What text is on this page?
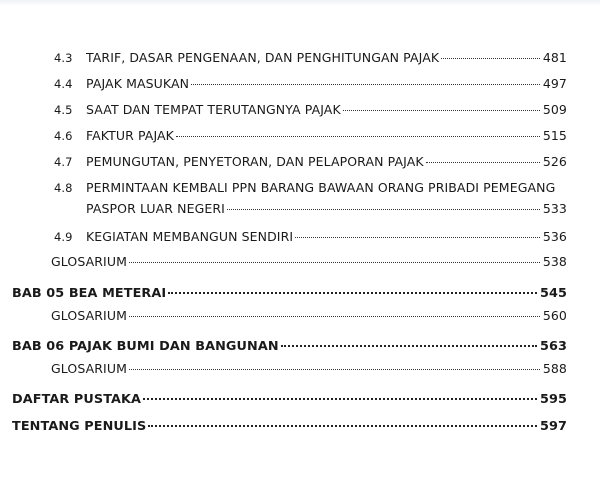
4.3	TARIF, DASAR PENGENAAN, DAN PENGHITUNGAN PAJAK	481
4.4	PAJAK MASUKAN	497
4.5	SAAT DAN TEMPAT TERUTANGNYA PAJAK	509
4.6	FAKTUR PAJAK	515
4.7	PEMUNGUTAN, PENYETORAN, DAN PELAPORAN PAJAK	526
4.8	PERMINTAAN KEMBALI PPN BARANG BAWAAN ORANG PRIBADI PEMEGANG
PASPOR LUAR NEGERI	533
4.9	KEGIATAN MEMBANGUN SENDIRI	536
GLOSARIUM	538
BAB 05 BEA METERAI	545
GLOSARIUM	560
BAB 06 PAJAK BUMI DAN BANGUNAN	563
GLOSARIUM	588
DAFTAR PUSTAKA	595
TENTANG PENULIS	597
